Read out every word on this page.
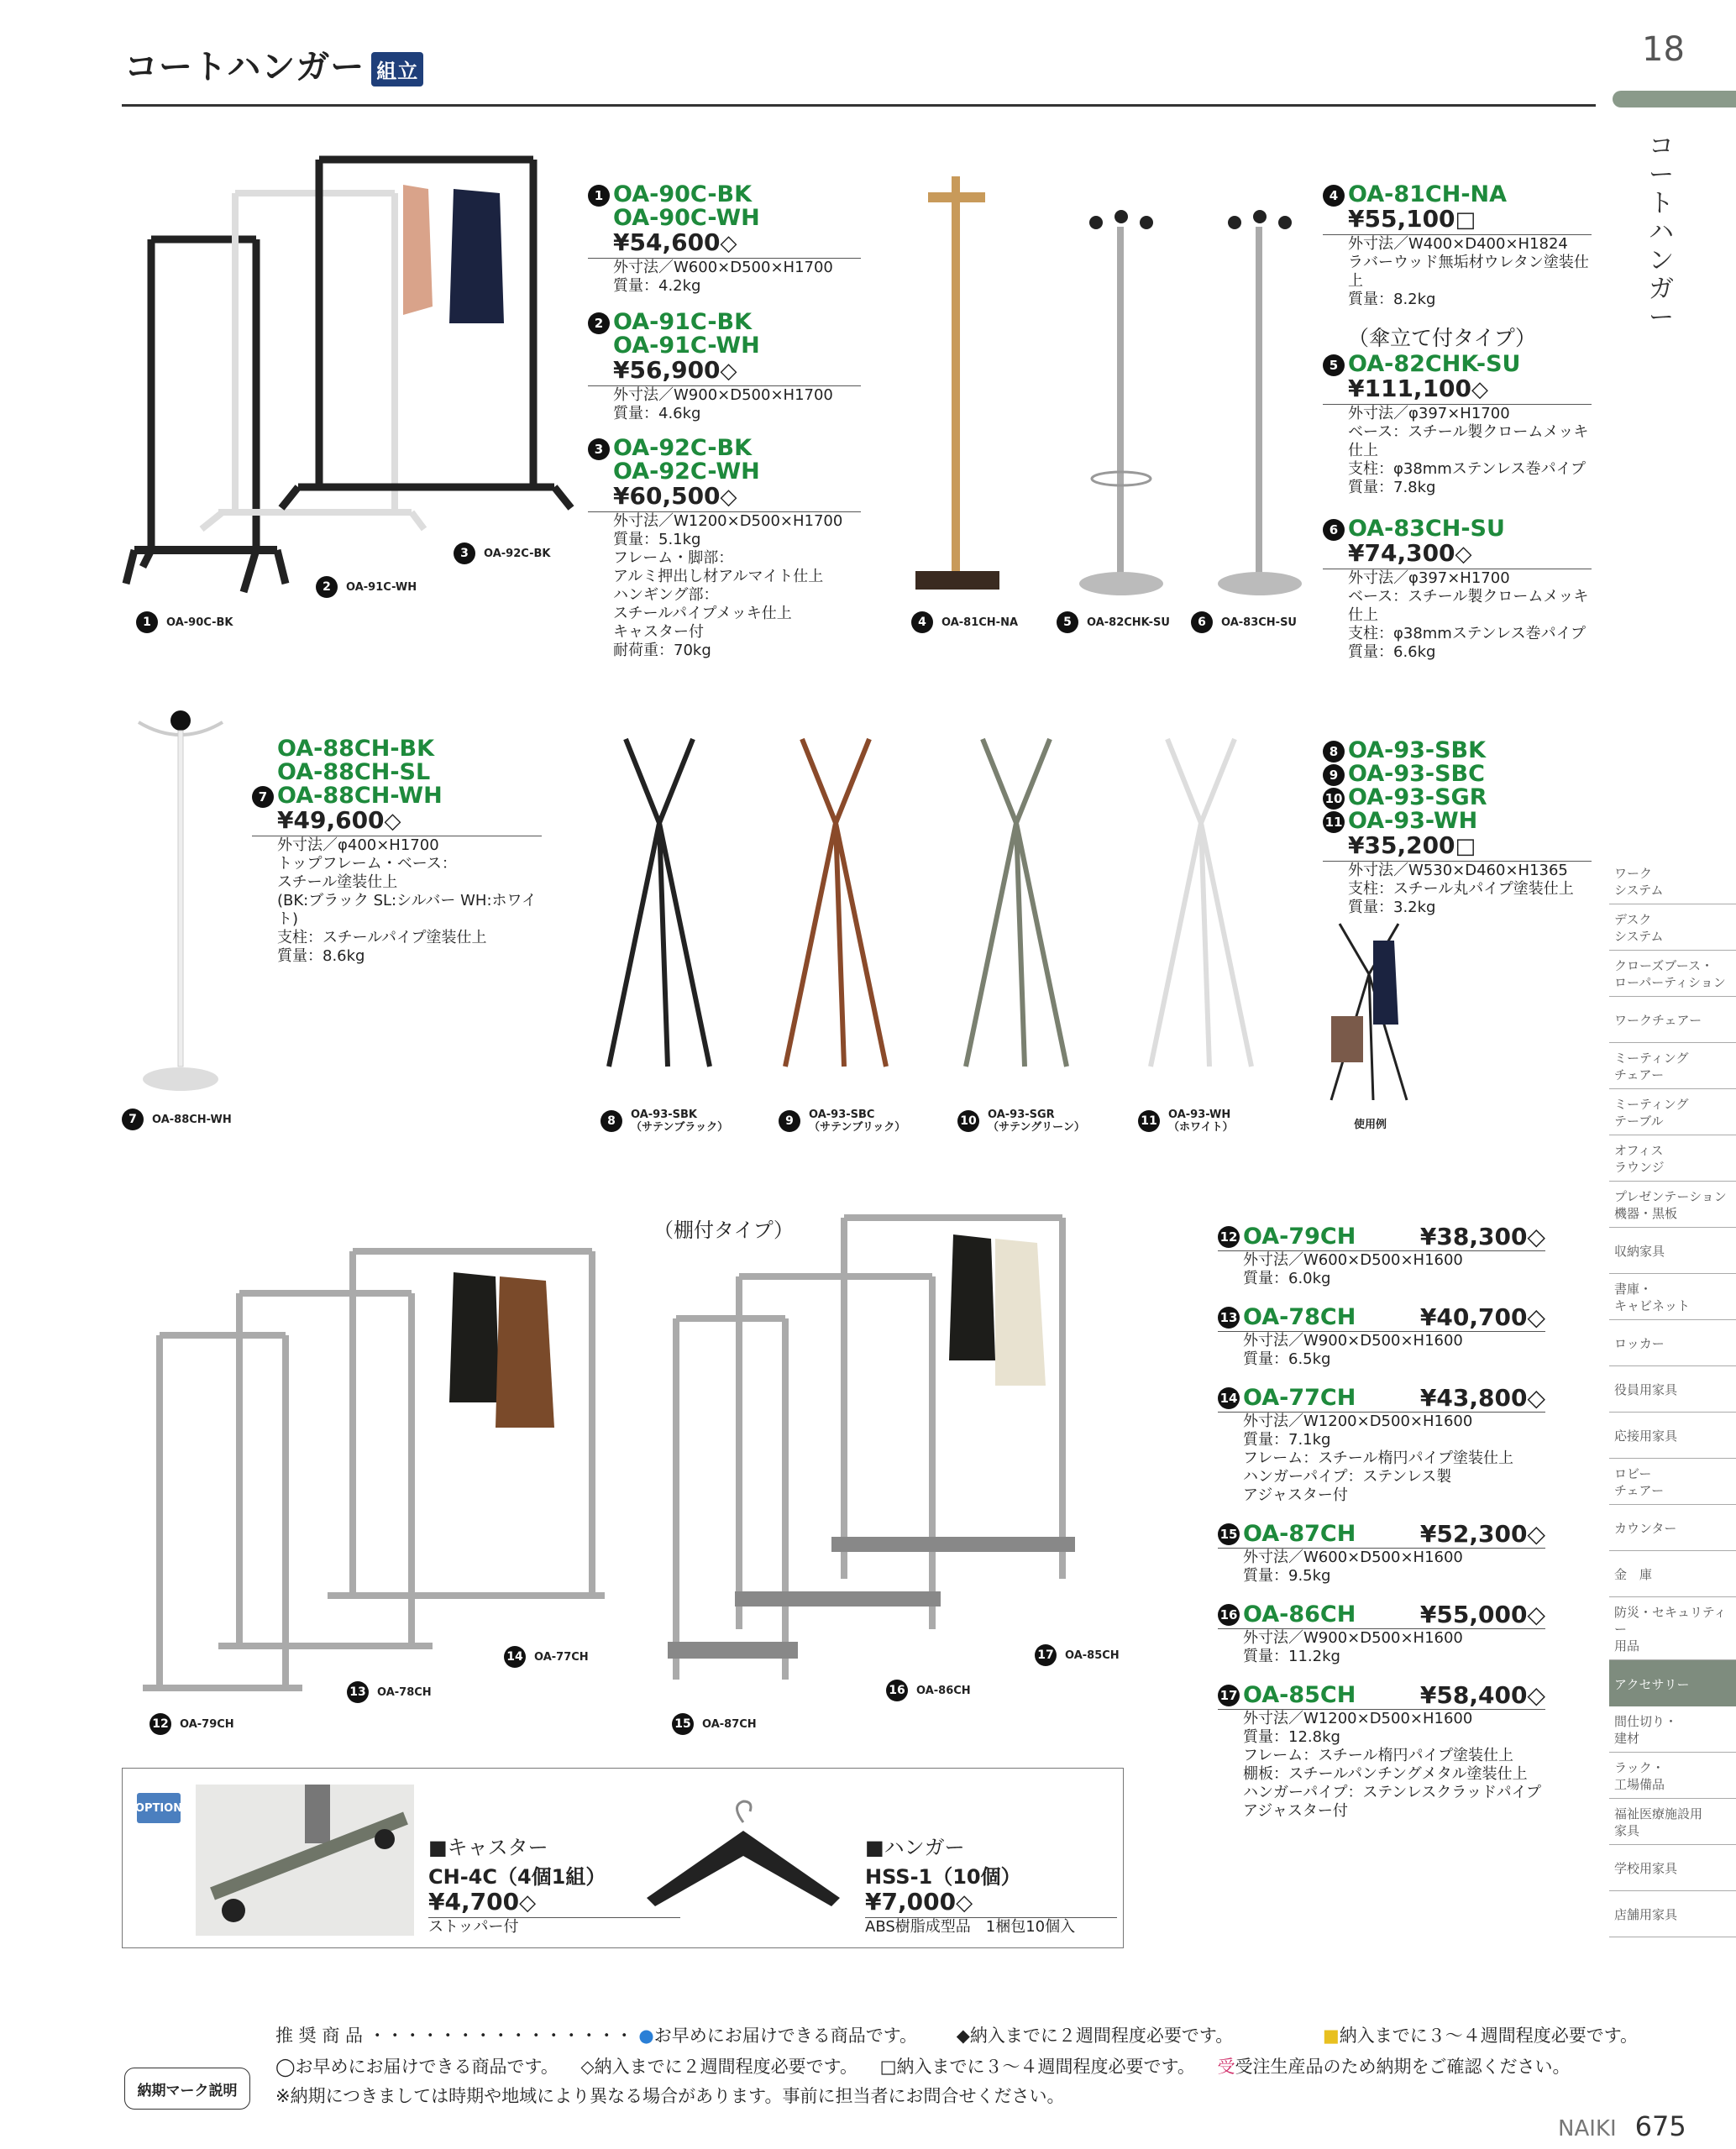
コートハンガー 組立
18
コートハンガー
ワーク
システム
デスク
システム
クローズブース・
ローパーティション
ワークチェアー
ミーティング
チェアー
ミーティング
テーブル
オフィス
ラウンジ
プレゼンテーション
機器・黒板
収納家具
書庫・
キャビネット
ロッカー
役員用家具
応接用家具
ロビー
チェアー
カウンター
金　庫
防災・セキュリティー
用品
アクセサリー
間仕切り・
建材
ラック・
工場備品
福祉医療施設用
家具
学校用家具
店舗用家具
1	OA-90C-BK
2	OA-91C-WH
3	OA-92C-BK
4	OA-81CH-NA	5	OA-82CHK-SU	6	OA-83CH-SU
7	OA-88CH-WH	8	OA-93-SBK
（サテンブラック）	9	OA-93-SBC
（サテンブリック）	10 OA-93-SGR
（サテングリーン）	11 OA-93-WH
（ホワイト）	使用例
（棚付タイプ）
12 OA-79CH
13 OA-78CH
14 OA-77CH
15 OA-87CH
16 OA-86CH
17 OA-85CH
1 OA-90C-BK
OA-90C-WH
¥54,600◇
外寸法／W600×D500×H1700
質量：4.2kg
2 OA-91C-BK
OA-91C-WH
¥56,900◇
外寸法／W900×D500×H1700
質量：4.6kg
3 OA-92C-BK
OA-92C-WH
¥60,500◇
外寸法／W1200×D500×H1700
質量：5.1kg
フレーム・脚部：
アルミ押出し材アルマイト仕上
ハンギング部：
スチールパイプメッキ仕上
キャスター付
耐荷重：70kg
4 OA-81CH-NA
¥55,100□
外寸法／W400×D400×H1824
ラバーウッド無垢材ウレタン塗装仕上
質量：8.2kg
（傘立て付タイプ）
5 OA-82CHK-SU
¥111,100◇
外寸法／φ397×H1700
ベース：スチール製クロームメッキ仕上
支柱：φ38mmステンレス巻パイプ
質量：7.8kg
6 OA-83CH-SU
¥74,300◇
外寸法／φ397×H1700
ベース：スチール製クロームメッキ仕上
支柱：φ38mmステンレス巻パイプ
質量：6.6kg
OA-88CH-BK
OA-88CH-SL
7 OA-88CH-WH
¥49,600◇
外寸法／φ400×H1700
トップフレーム・ベース：
スチール塗装仕上
(BK:ブラック SL:シルバー WH:ホワイト)
支柱：スチールパイプ塗装仕上
質量：8.6kg
8 OA-93-SBK
9 OA-93-SBC
10 OA-93-SGR
11 OA-93-WH
¥35,200□
外寸法／W530×D460×H1365
支柱：スチール丸パイプ塗装仕上
質量：3.2kg
12 OA-79CH	¥38,300◇
外寸法／W600×D500×H1600
質量：6.0kg
13 OA-78CH	¥40,700◇
外寸法／W900×D500×H1600
質量：6.5kg
14 OA-77CH	¥43,800◇
外寸法／W1200×D500×H1600
質量：7.1kg
フレーム：スチール楕円パイプ塗装仕上
ハンガーパイプ：ステンレス製
アジャスター付
15 OA-87CH	¥52,300◇
外寸法／W600×D500×H1600
質量：9.5kg
16 OA-86CH	¥55,000◇
外寸法／W900×D500×H1600
質量：11.2kg
17 OA-85CH	¥58,400◇
外寸法／W1200×D500×H1600
質量：12.8kg
フレーム：スチール楕円パイプ塗装仕上
棚板：スチールパンチングメタル塗装仕上
ハンガーパイプ：ステンレスクラッドパイプ
アジャスター付
OPTION
■キャスター
CH-4C（4個1組）
¥4,700◇
ストッパー付
■ハンガー
HSS-1（10個）
¥7,000◇
ABS樹脂成型品　1梱包10個入
納期マーク説明
推 奨 商 品 ・・・・・・・・・・・・・・・ ●お早めにお届けできる商品です。 ◆納入までに２週間程度必要です。	■納入までに３〜４週間程度必要です。
◯お早めにお届けできる商品です。 ◇納入までに２週間程度必要です。 □納入までに３〜４週間程度必要です。 受受注生産品のため納期をご確認ください。
※納期につきましては時期や地域により異なる場合があります。事前に担当者にお問合せください。
NAIKI 675
